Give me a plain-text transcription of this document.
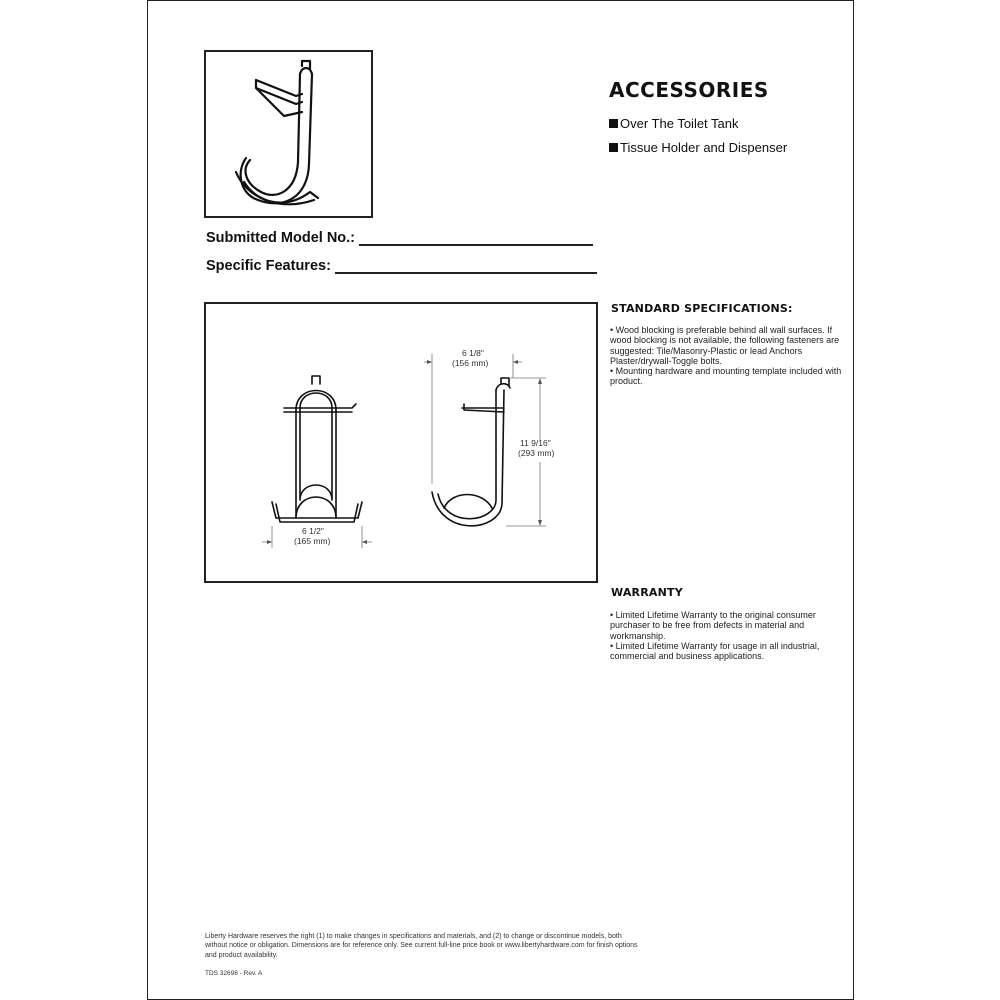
ACCESSORIES
Over The Toilet Tank
Tissue Holder and Dispenser
Submitted Model No.:
Specific Features:
6 1/2"
(165 mm)
6 1/8"
(156 mm)
11 9/16"
(293 mm)
STANDARD SPECIFICATIONS:
• Wood blocking is preferable behind all wall surfaces. If wood blocking is not available, the following fasteners are suggested: Tile/Masonry-Plastic or lead Anchors Plaster/drywall-Toggle bolts.
• Mounting hardware and mounting template included with product.
WARRANTY
• Limited Lifetime Warranty to the original consumer purchaser to be free from defects in material and workmanship.
• Limited Lifetime Warranty for usage in all industrial, commercial and business applications.
Liberty Hardware reserves the right (1) to make changes in specifications and materials, and (2) to change or discontinue models, both without notice or obligation. Dimensions are for reference only. See current full-line price book or www.libertyhardware.com for finish options and product availability.
TDS 32698 - Rev. A
